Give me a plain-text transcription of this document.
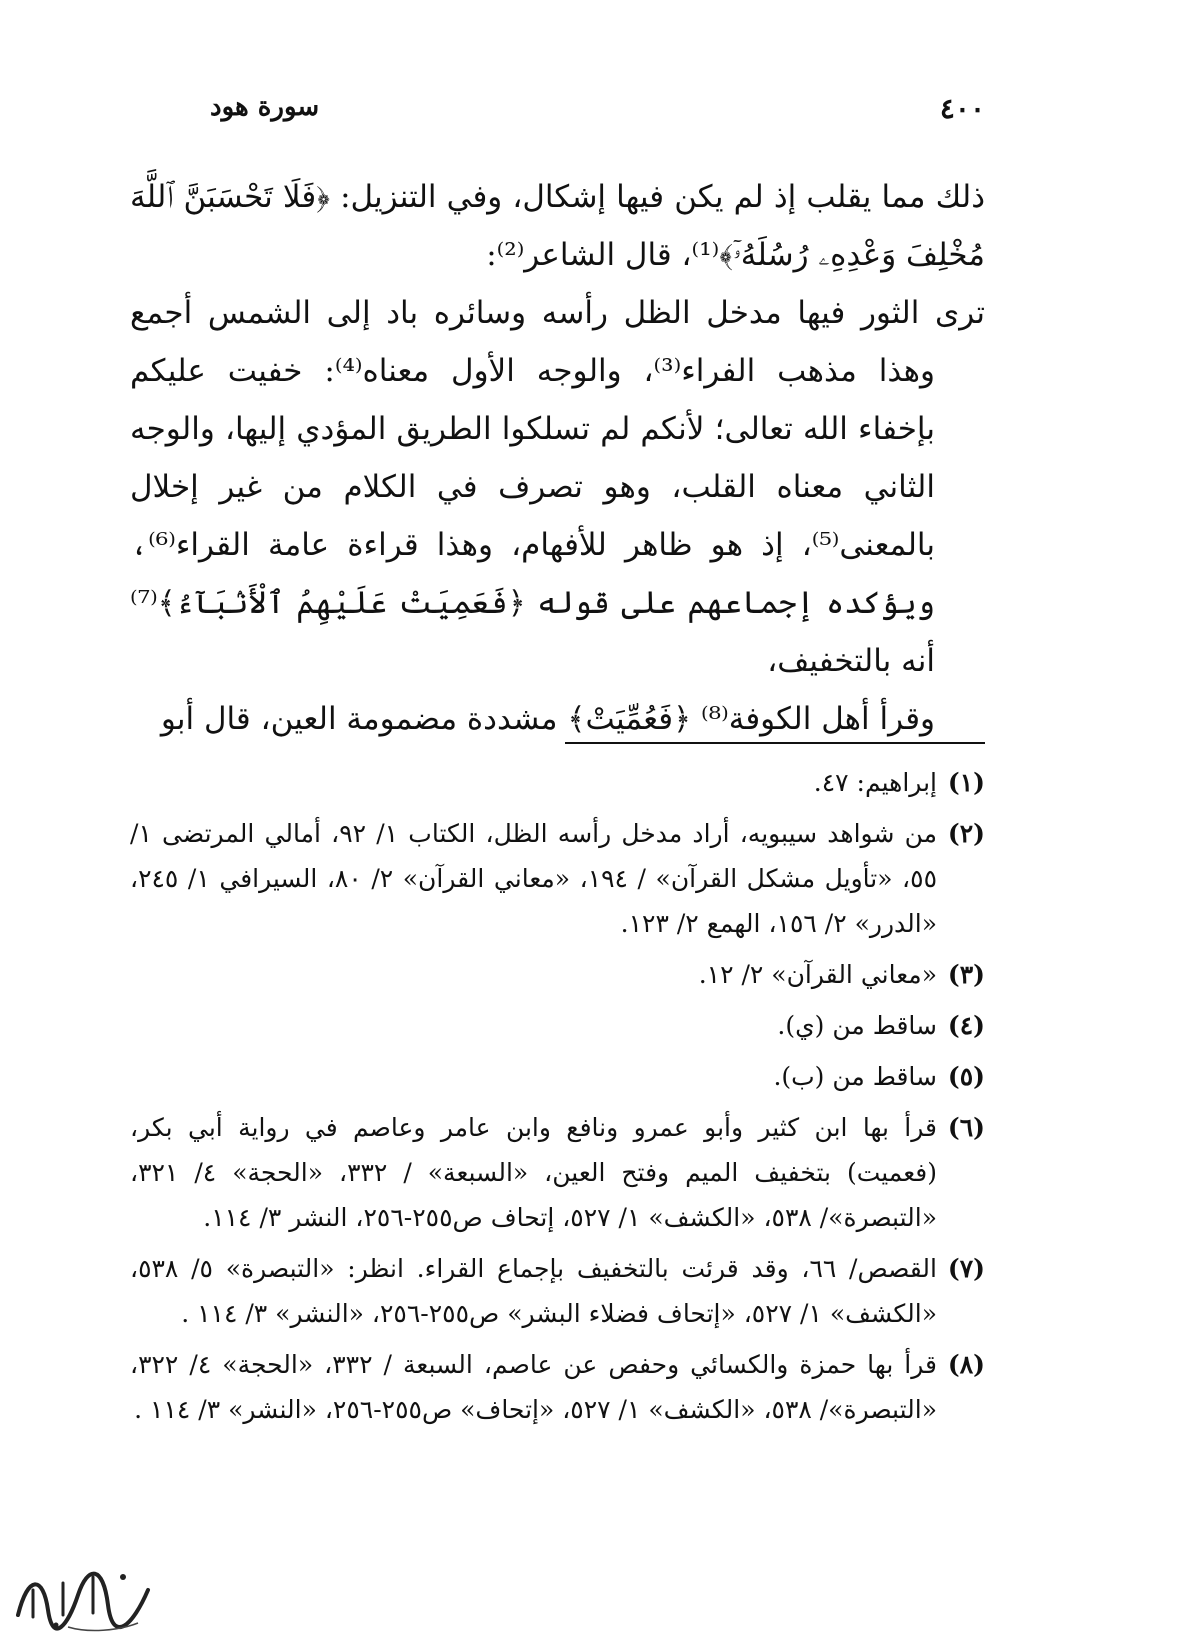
٤٠٠
سورة هود

ذلك مما يقلب إذ لم يكن فيها إشكال، وفي التنزيل: ﴿فَلَا تَحْسَبَنَّ ٱللَّهَ مُخْلِفَ وَعْدِهِۦ رُسُلَهُۥٓ﴾⁽¹⁾، قال الشاعر⁽²⁾:

ترى الثور فيها مدخل الظل رأسه وسائره باد إلى الشمس أجمع

وهذا مذهب الفراء⁽³⁾، والوجه الأول معناه⁽⁴⁾: خفيت عليكم بإخفاء الله تعالى؛ لأنكم لم تسلكوا الطريق المؤدي إليها، والوجه الثاني معناه القلب، وهو تصرف في الكلام من غير إخلال بالمعنى⁽⁵⁾، إذ هو ظاهر للأفهام، وهذا قراءة عامة القراء⁽⁶⁾، ويؤكده إجماعهم على قوله ﴿فَعَمِيَتْ عَلَيْهِمُ ٱلْأَنۢبَآءُ﴾⁽⁷⁾ أنه بالتخفيف،

وقرأ أهل الكوفة⁽⁸⁾ ﴿فَعُمِّيَتْ﴾ مشددة مضمومة العين، قال أبو

(١)
إبراهيم: ٤٧.
(٢)
من شواهد سيبويه، أراد مدخل رأسه الظل، الكتاب ١/ ٩٢، أمالي المرتضى ١/ ٥٥، «تأويل مشكل القرآن» / ١٩٤، «معاني القرآن» ٢/ ٨٠، السيرافي ١/ ٢٤٥، «الدرر» ٢/ ١٥٦، الهمع ٢/ ١٢٣.
(٣)
«معاني القرآن» ٢/ ١٢.
(٤)
ساقط من (ي).
(٥)
ساقط من (ب).
(٦)
قرأ بها ابن كثير وأبو عمرو ونافع وابن عامر وعاصم في رواية أبي بكر، (فعميت) بتخفيف الميم وفتح العين، «السبعة» / ٣٣٢، «الحجة» ٤/ ٣٢١، «التبصرة»/ ٥٣٨، «الكشف» ١/ ٥٢٧، إتحاف ص٢٥٥-٢٥٦، النشر ٣/ ١١٤.
(٧)
القصص/ ٦٦، وقد قرئت بالتخفيف بإجماع القراء. انظر: «التبصرة» ٥/ ٥٣٨، «الكشف» ١/ ٥٢٧، «إتحاف فضلاء البشر» ص٢٥٥-٢٥٦، «النشر» ٣/ ١١٤ .
(٨)
قرأ بها حمزة والكسائي وحفص عن عاصم، السبعة / ٣٣٢، «الحجة» ٤/ ٣٢٢، «التبصرة»/ ٥٣٨، «الكشف» ١/ ٥٢٧، «إتحاف» ص٢٥٥-٢٥٦، «النشر» ٣/ ١١٤ .
